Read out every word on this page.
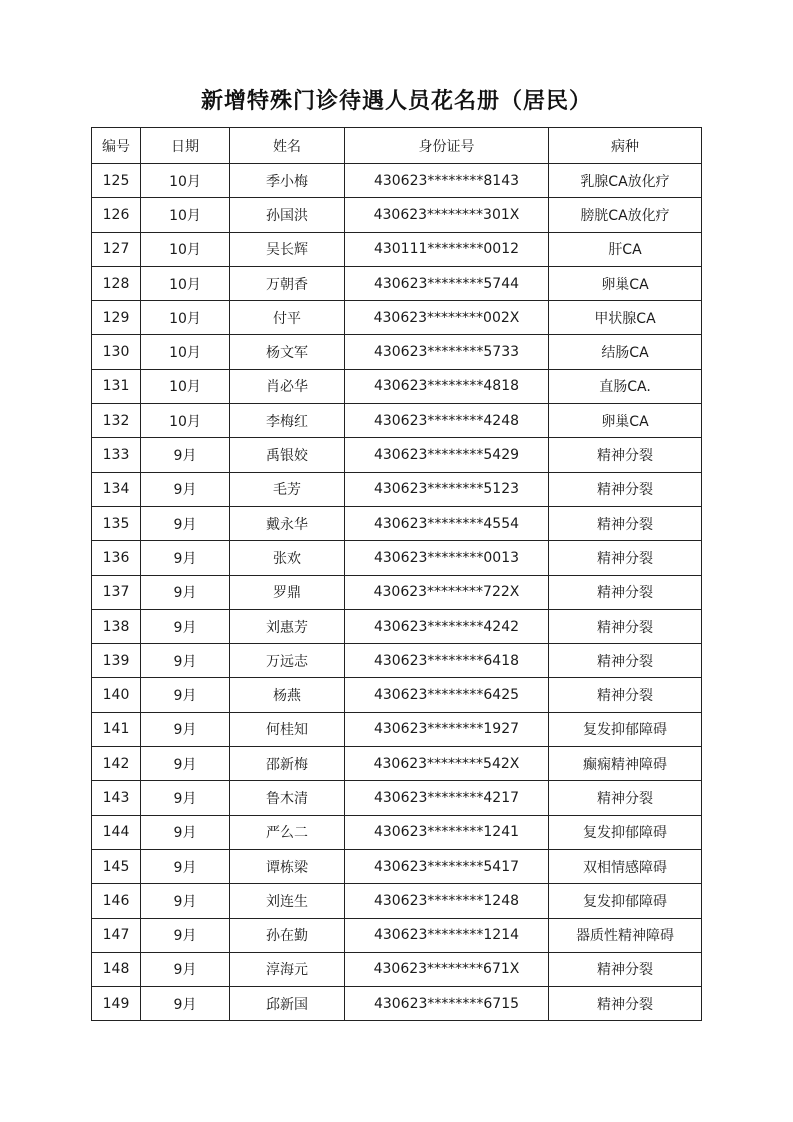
新增特殊门诊待遇人员花名册（居民）
编号	日期	姓名	身份证号	病种
125	10月	季小梅	430623********8143	乳腺CA放化疗
126	10月	孙国洪	430623********301X	膀胱CA放化疗
127	10月	吴长辉	430111********0012	肝CA
128	10月	万朝香	430623********5744	卵巢CA
129	10月	付平	430623********002X	甲状腺CA
130	10月	杨文军	430623********5733	结肠CA
131	10月	肖必华	430623********4818	直肠CA.
132	10月	李梅红	430623********4248	卵巢CA
133	9月	禹银姣	430623********5429	精神分裂
134	9月	毛芳	430623********5123	精神分裂
135	9月	戴永华	430623********4554	精神分裂
136	9月	张欢	430623********0013	精神分裂
137	9月	罗鼎	430623********722X	精神分裂
138	9月	刘惠芳	430623********4242	精神分裂
139	9月	万远志	430623********6418	精神分裂
140	9月	杨燕	430623********6425	精神分裂
141	9月	何桂知	430623********1927	复发抑郁障碍
142	9月	邵新梅	430623********542X	癫痫精神障碍
143	9月	鲁木清	430623********4217	精神分裂
144	9月	严么二	430623********1241	复发抑郁障碍
145	9月	谭栋梁	430623********5417	双相情感障碍
146	9月	刘连生	430623********1248	复发抑郁障碍
147	9月	孙在勤	430623********1214	器质性精神障碍
148	9月	淳海元	430623********671X	精神分裂
149	9月	邱新国	430623********6715	精神分裂
